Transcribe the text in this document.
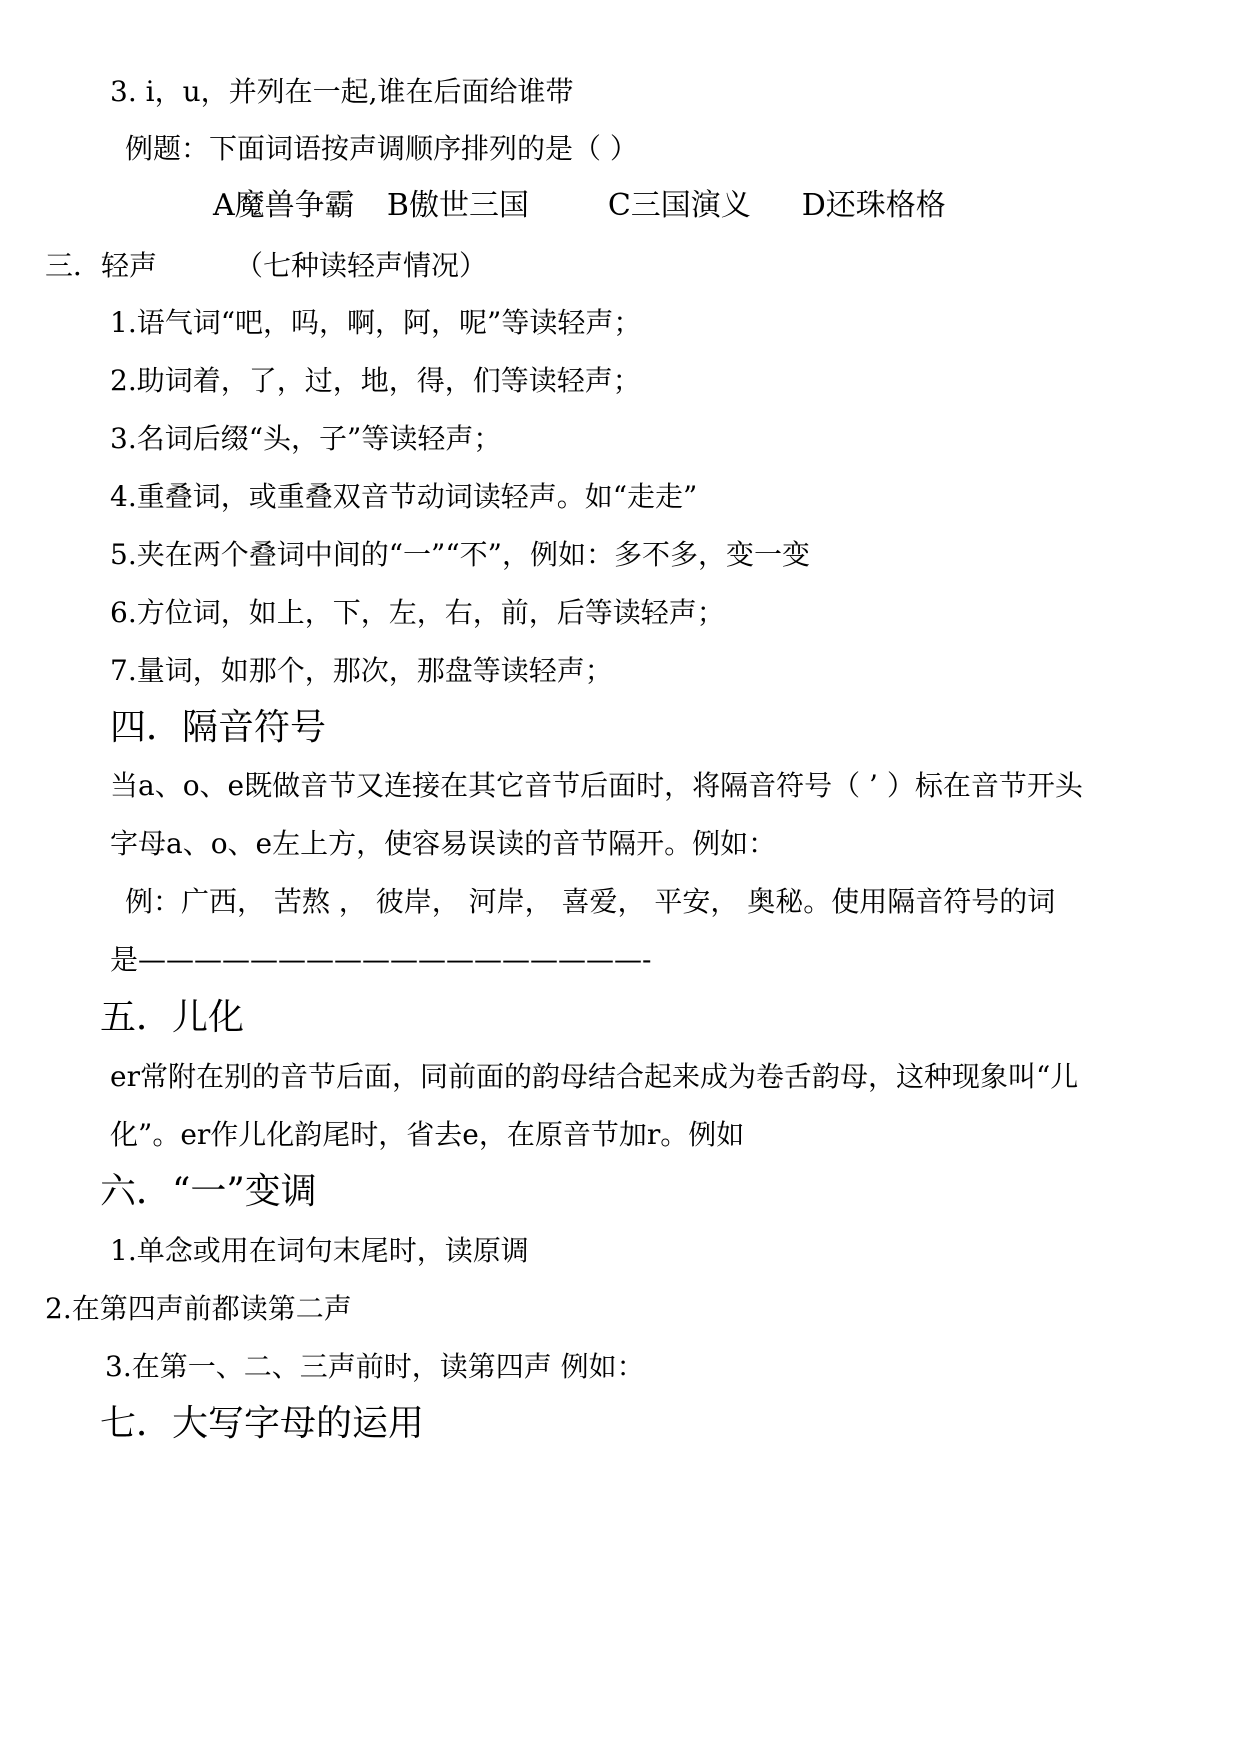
3. i，u，并列在一起,谁在后面给谁带
例题：下面词语按声调顺序排列的是（ ）
A魔兽争霸 B傲世三国	C三国演义 D还珠格格
三．轻声	（七种读轻声情况）
1.语气词“吧，吗，啊，阿，呢”等读轻声；
2.助词着，了，过，地，得，们等读轻声；
3.名词后缀“头，子”等读轻声；
4.重叠词，或重叠双音节动词读轻声。如“走走”
5.夹在两个叠词中间的“一”“不”，例如：多不多，变一变
6.方位词，如上，下，左，右，前，后等读轻声；
7.量词，如那个，那次，那盘等读轻声；
四．隔音符号
当a、o、e既做音节又连接在其它音节后面时，将隔音符号（ ’ ）标在音节开头
字母a、o、e左上方，使容易误读的音节隔开。例如：
例：广西， 苦熬 ， 彼岸， 河岸， 喜爱， 平安， 奥秘。使用隔音符号的词
是——————————————————-
五．儿化
er常附在别的音节后面，同前面的韵母结合起来成为卷舌韵母，这种现象叫“儿
化”。er作儿化韵尾时，省去e，在原音节加r。例如
六．“一”变调
1.单念或用在词句末尾时，读原调
2.在第四声前都读第二声
3.在第一、二、三声前时，读第四声 例如：
七．大写字母的运用
